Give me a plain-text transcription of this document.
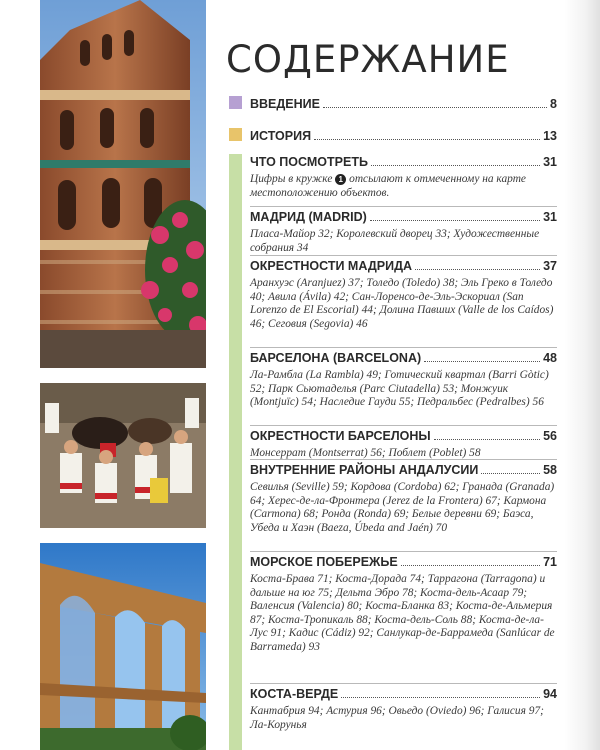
СОДЕРЖАНИЕ
ВВЕДЕНИЕ	8
ИСТОРИЯ	13
ЧТО ПОСМОТРЕТЬ	31
Цифры в кружке 1 отсылают к отмеченному на карте местоположению объектов.
МАДРИД (MADRID)	31
Пласа-Майор 32; Королевский дворец 33; Художественные собрания 34
ОКРЕСТНОСТИ МАДРИДА	37
Аранхуэс (Aranjuez) 37; Толедо (Toledo) 38; Эль Греко в Толедо 40; Авила (Ávila) 42; Сан-Лоренсо-де-Эль-Эскориал (San Lorenzo de El Escorial) 44; Долина Павших (Valle de los Caídos) 46; Сеговия (Segovia) 46
БАРСЕЛОНА (BARCELONA)	48
Ла-Рамбла (La Rambla) 49; Готический квартал (Barri Gòtic) 52; Парк Сьютаделья (Parc Ciutadella) 53; Монжуик (Montjuïc) 54; Наследие Гауди 55; Педральбес (Pedralbes) 56
ОКРЕСТНОСТИ БАРСЕЛОНЫ	56
Монсеррат (Montserrat) 56; Поблет (Poblet) 58
ВНУТРЕННИЕ РАЙОНЫ АНДАЛУСИИ	58
Севилья (Seville) 59; Кордова (Cordoba) 62; Гранада (Granada) 64; Херес-де-ла-Фронтера (Jerez de la Frontera) 67; Кармона (Carmona) 68; Ронда (Ronda) 69; Белые деревни 69; Баэса, Убеда и Хаэн (Baeza, Úbeda and Jaén) 70
МОРСКОЕ ПОБЕРЕЖЬЕ	71
Коста-Брава 71; Коста-Дорада 74; Таррагона (Tarragona) и дальше на юг 75; Дельта Эбро 78; Коста-дель-Асаар 79; Валенсия (Valencia) 80; Коста-Бланка 83; Коста-де-Альмерия 87; Коста-Тропикаль 88; Коста-дель-Соль 88; Коста-де-ла-Лус 91; Кадис (Cádiz) 92; Санлукар-де-Баррамеда (Sanlúcar de Barrameda) 93
КОСТА-ВЕРДЕ	94
Кантабрия 94; Астурия 96; Овьедо (Oviedo) 96; Галисия 97; Ла-Корунья
